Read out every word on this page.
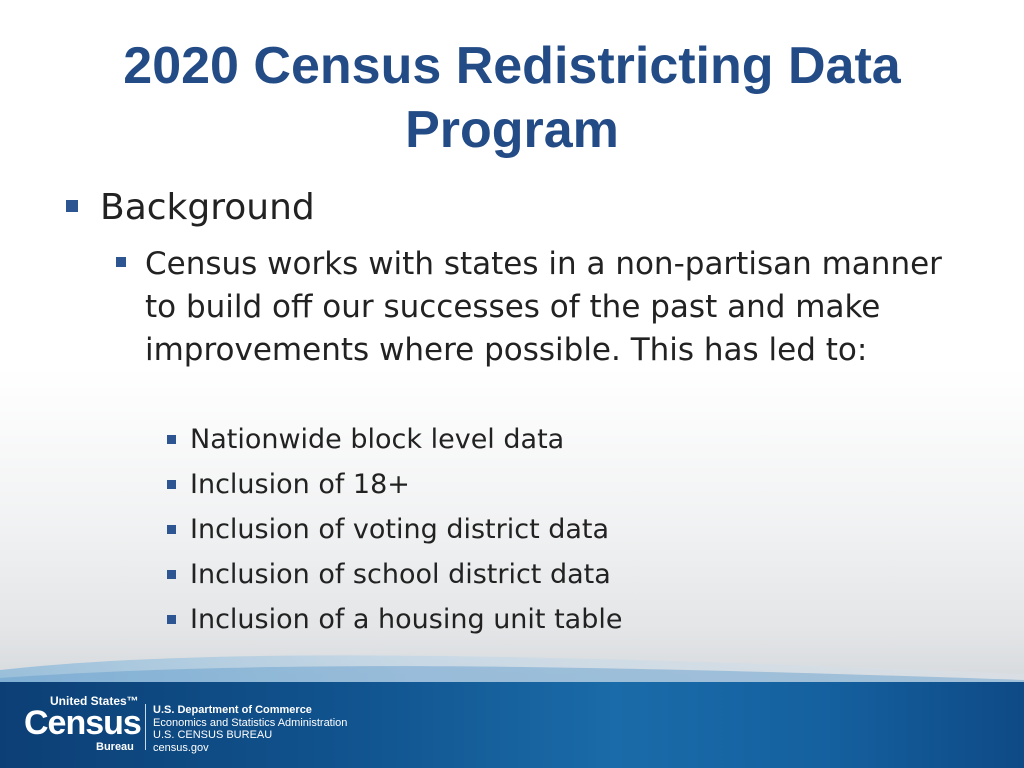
2020 Census Redistricting Data
Program
Background
Census works with states in a non-partisan manner to build off our successes of the past and make improvements where possible. This has led to:
Nationwide block level data
Inclusion of 18+
Inclusion of voting district data
Inclusion of school district data
Inclusion of a housing unit table
United States™
Census
Bureau
U.S. Department of Commerce
Economics and Statistics Administration
U.S. CENSUS BUREAU
census.gov
